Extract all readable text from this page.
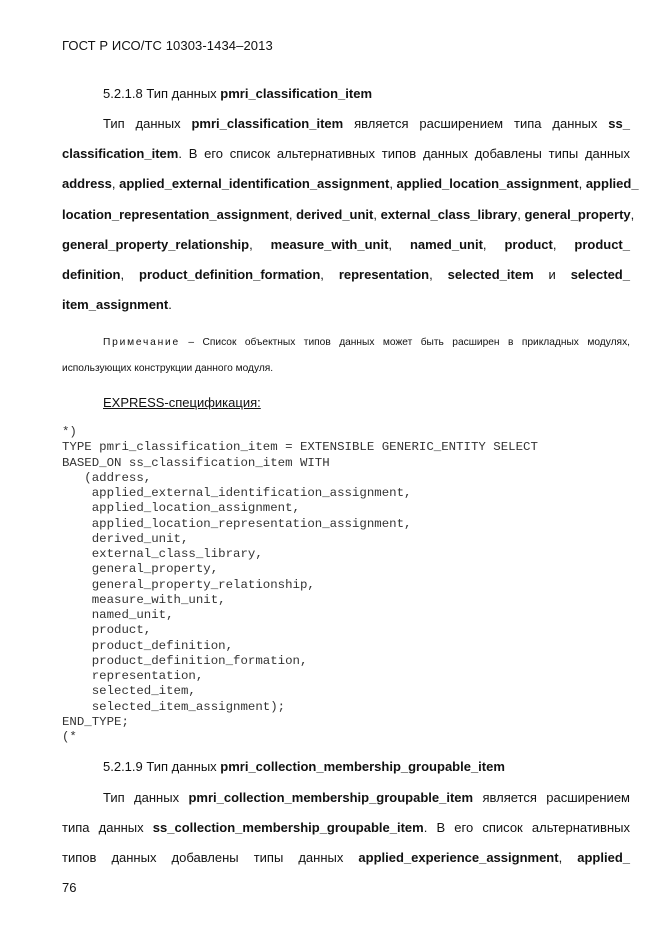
ГОСТ Р ИСО/ТС 10303-1434–2013
5.2.1.8 Тип данных pmri_classification_item
Тип данных pmri_classification_item является расширением типа данных ss_
classification_item. В его список альтернативных типов данных добавлены типы данных
address, applied_external_identification_assignment, applied_location_assignment, applied_
location_representation_assignment, derived_unit, external_class_library, general_property,
general_property_relationship, measure_with_unit, named_unit, product, product_
definition, product_definition_formation, representation, selected_item и selected_
item_assignment.
Примечание – Список объектных типов данных может быть расширен в прикладных модулях,
использующих конструкции данного модуля.
EXPRESS-спецификация:
*)
TYPE pmri_classification_item = EXTENSIBLE GENERIC_ENTITY SELECT
BASED_ON ss_classification_item WITH
(address,
applied_external_identification_assignment,
applied_location_assignment,
applied_location_representation_assignment,
derived_unit,
external_class_library,
general_property,
general_property_relationship,
measure_with_unit,
named_unit,
product,
product_definition,
product_definition_formation,
representation,
selected_item,
selected_item_assignment);
END_TYPE;
(*
5.2.1.9 Тип данных pmri_collection_membership_groupable_item
Тип данных pmri_collection_membership_groupable_item является расширением
типа данных ss_collection_membership_groupable_item. В его список альтернативных
типов данных добавлены типы данных applied_experience_assignment, applied_
76
